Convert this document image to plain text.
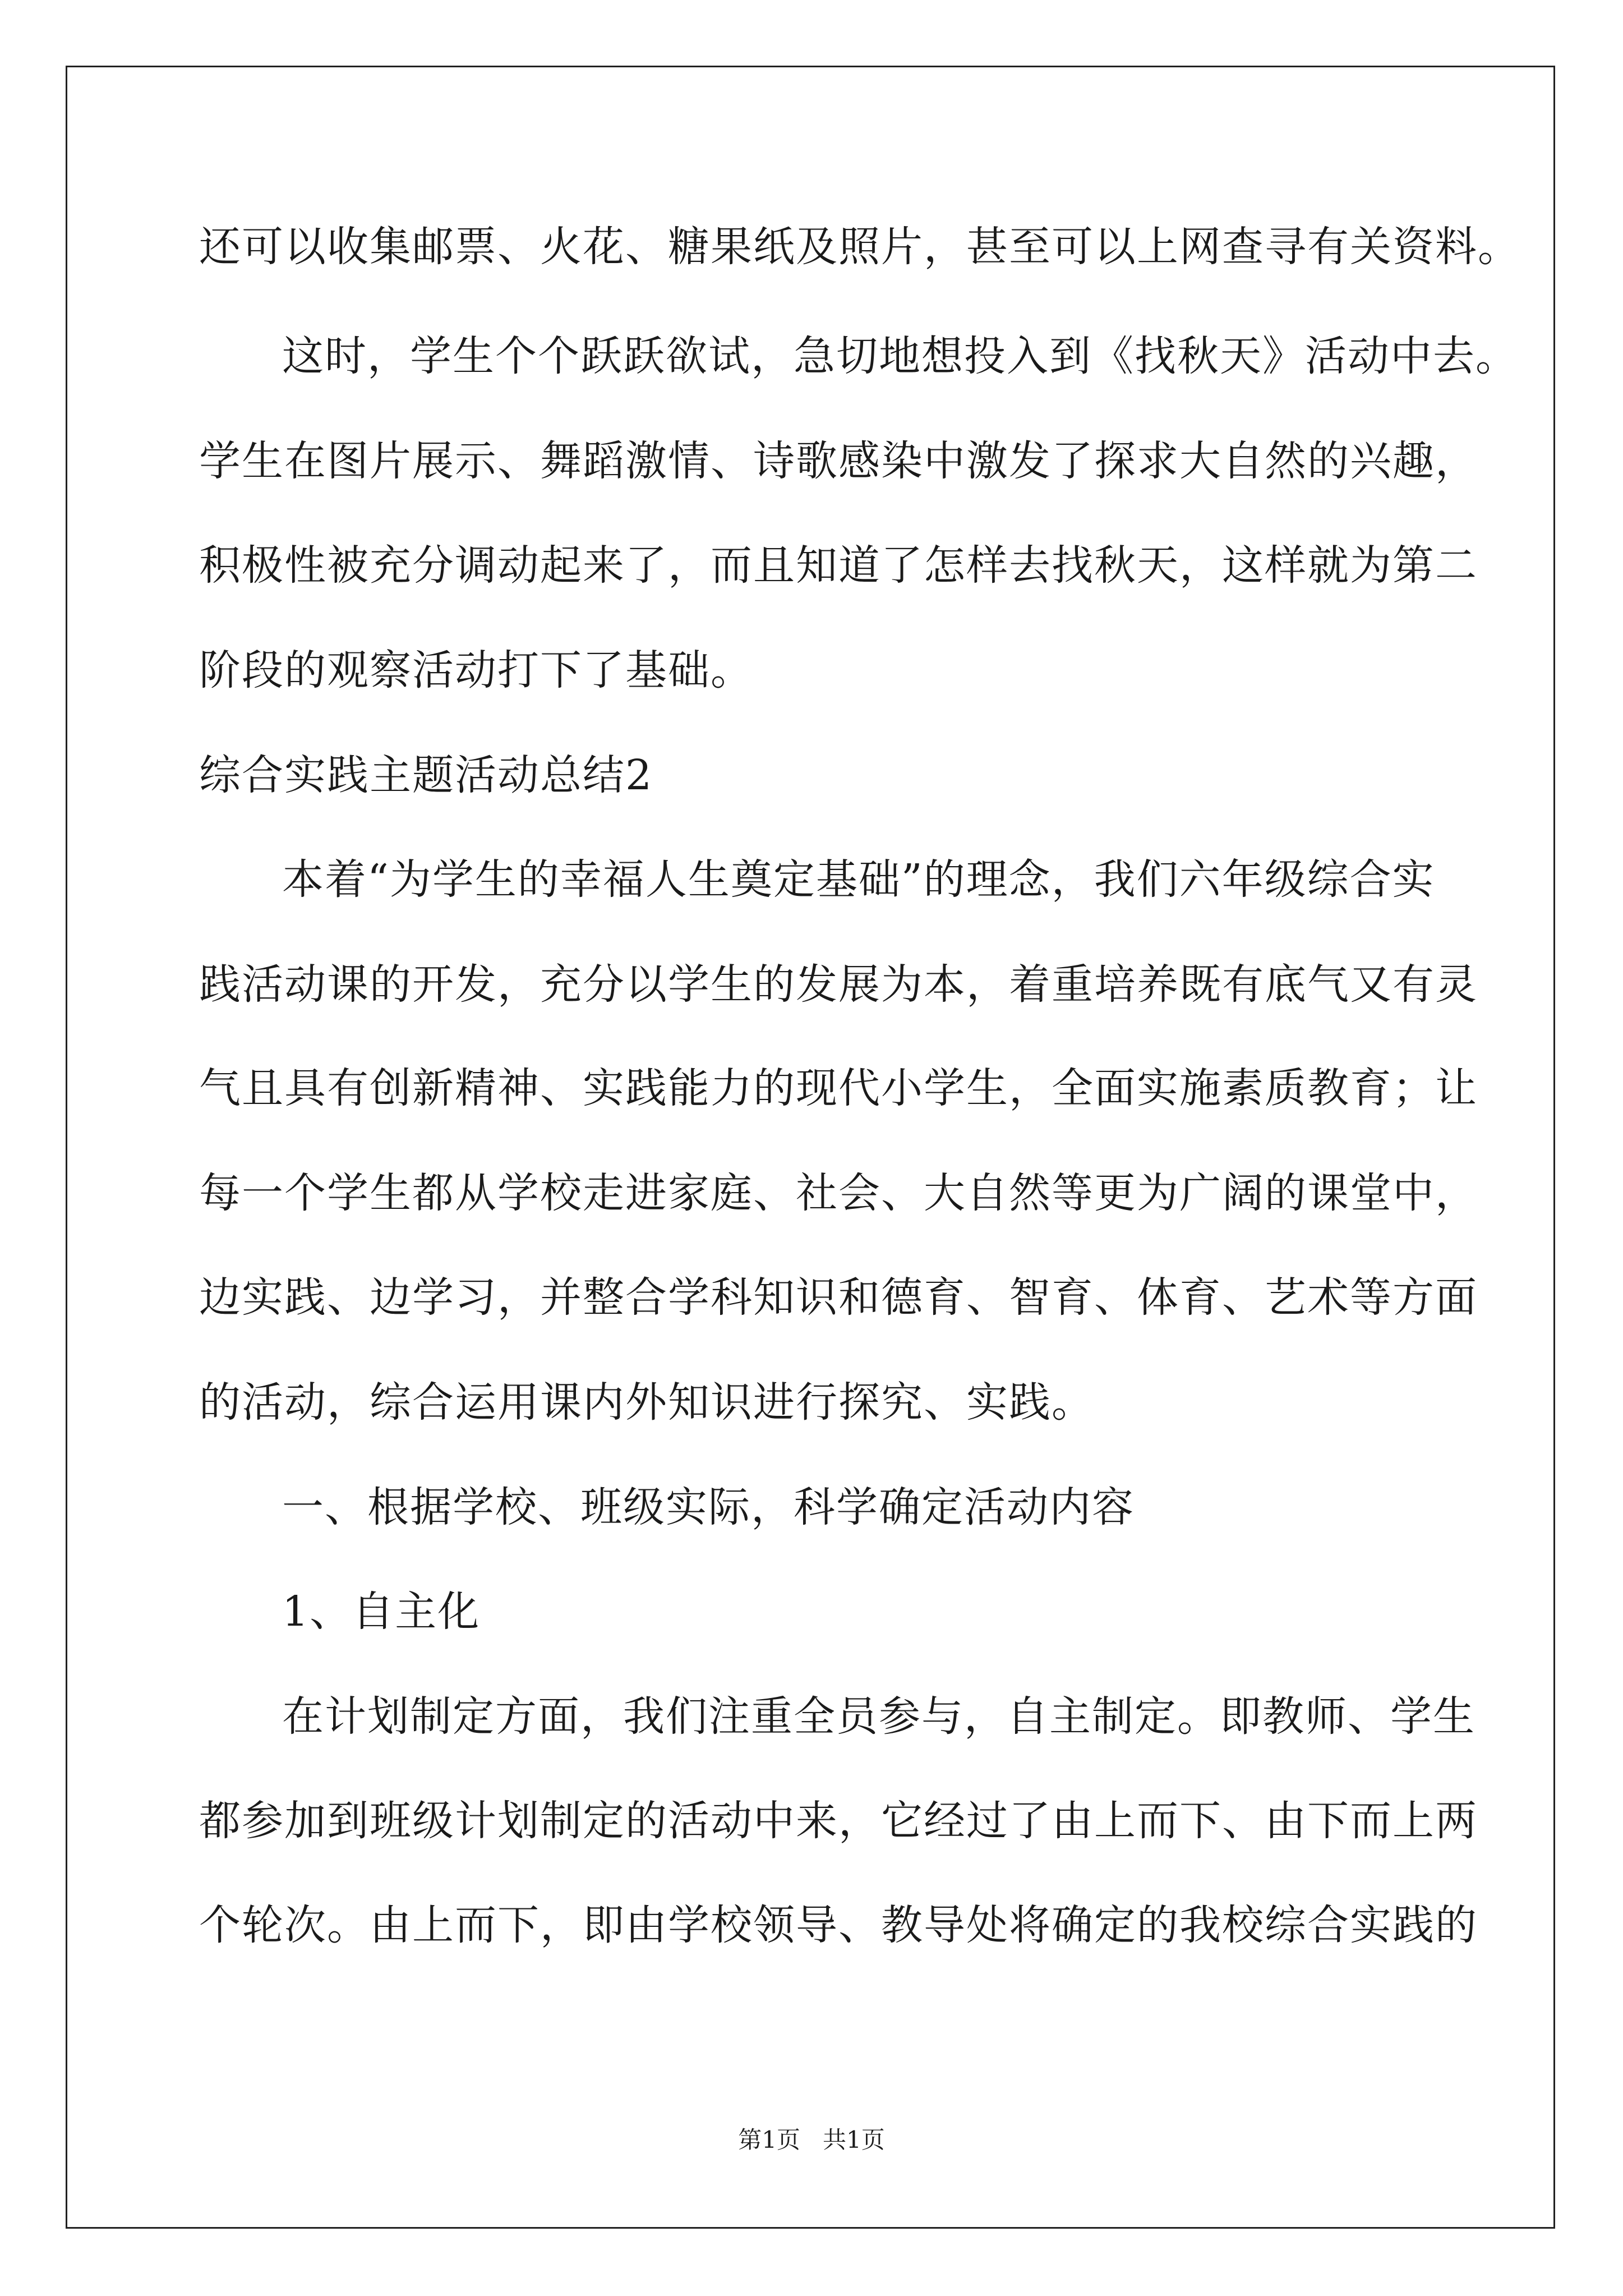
还可以收集邮票、火花、糖果纸及照片，甚至可以上网查寻有关资料。
这时，学生个个跃跃欲试，急切地想投入到《找秋天》活动中去。
学生在图片展示、舞蹈激情、诗歌感染中激发了探求大自然的兴趣，
积极性被充分调动起来了，而且知道了怎样去找秋天，这样就为第二
阶段的观察活动打下了基础。
综合实践主题活动总结2
本着“为学生的幸福人生奠定基础”的理念，我们六年级综合实
践活动课的开发，充分以学生的发展为本，着重培养既有底气又有灵
气且具有创新精神、实践能力的现代小学生，全面实施素质教育；让
每一个学生都从学校走进家庭、社会、大自然等更为广阔的课堂中，
边实践、边学习，并整合学科知识和德育、智育、体育、艺术等方面
的活动，综合运用课内外知识进行探究、实践。
一、根据学校、班级实际，科学确定活动内容
1、自主化
在计划制定方面，我们注重全员参与，自主制定。即教师、学生
都参加到班级计划制定的活动中来，它经过了由上而下、由下而上两
个轮次。由上而下，即由学校领导、教导处将确定的我校综合实践的
第1页   共1页
